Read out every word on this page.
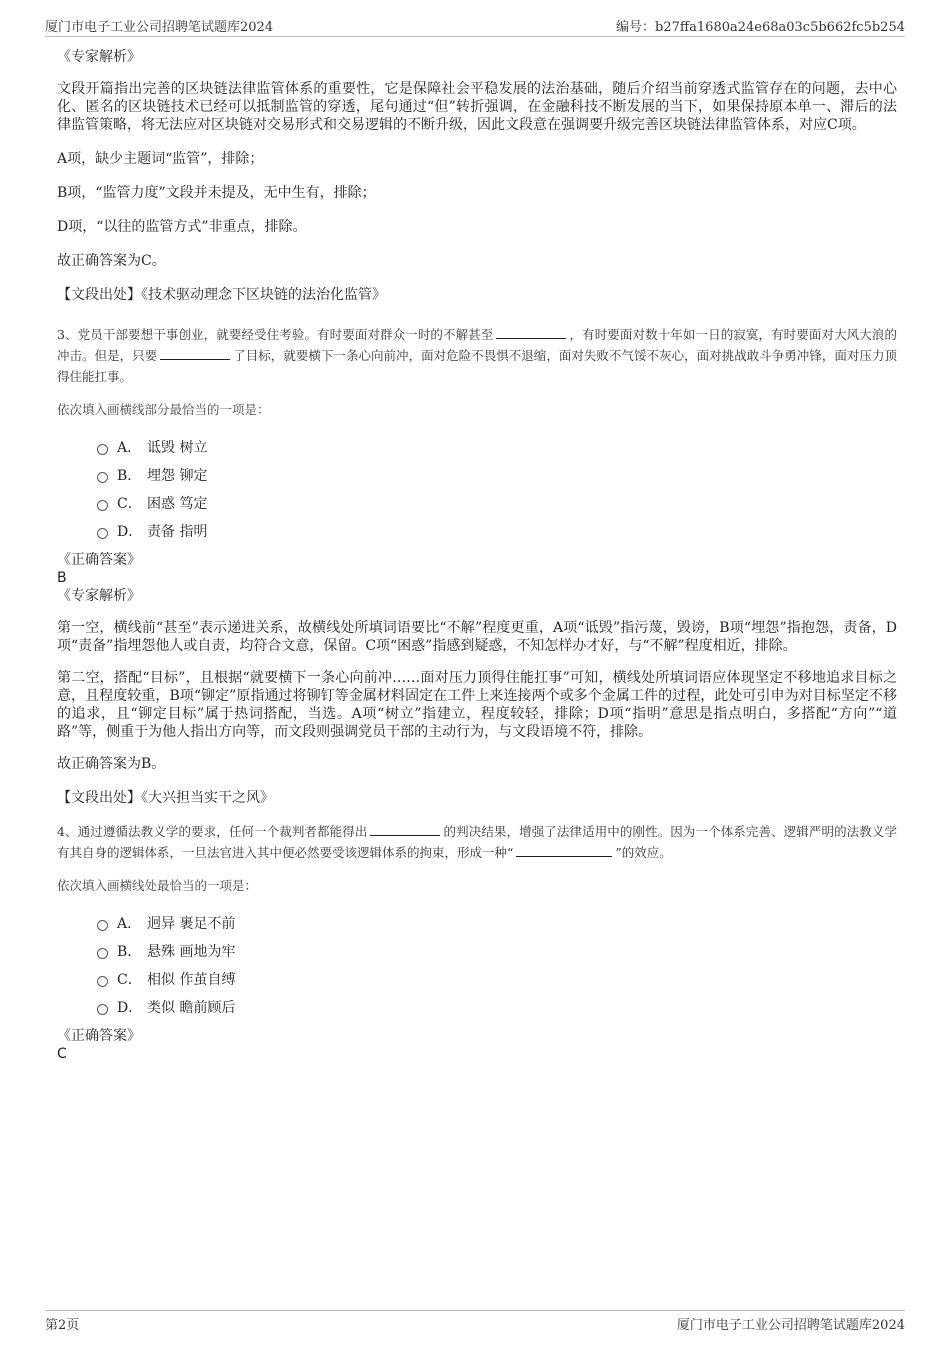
厦门市电子工业公司招聘笔试题库2024	编号：b27ffa1680a24e68a03c5b662fc5b254

《专家解析》

文段开篇指出完善的区块链法律监管体系的重要性，它是保障社会平稳发展的法治基础，随后介绍当前穿透式监管存在的问题，去中心化、匿名的区块链技术已经可以抵制监管的穿透，尾句通过“但”转折强调，在金融科技不断发展的当下，如果保持原本单一、滞后的法律监管策略，将无法应对区块链对交易形式和交易逻辑的不断升级，因此文段意在强调要升级完善区块链法律监管体系，对应C项。

A项，缺少主题词“监管”，排除；

B项，“监管力度”文段并未提及，无中生有，排除；

D项，“以往的监管方式”非重点，排除。

故正确答案为C。

【文段出处】《技术驱动理念下区块链的法治化监管》

3、党员干部要想干事创业，就要经受住考验。有时要面对群众一时的不解甚至	，有时要面对数十年如一日的寂寞，有时要面对大风大浪的冲击。但是，只要	了目标，就要横下一条心向前冲，面对危险不畏惧不退缩，面对失败不气馁不灰心，面对挑战敢斗争勇冲锋，面对压力顶得住能扛事。

依次填入画横线部分最恰当的一项是：

A． 诋毁 树立
B． 埋怨 铆定
C． 困惑 笃定
D． 责备 指明

《正确答案》

B

《专家解析》

第一空，横线前“甚至”表示递进关系，故横线处所填词语要比“不解”程度更重，A项“诋毁”指污蔑，毁谤，B项“埋怨”指抱怨，责备，D项“责备”指埋怨他人或自责，均符合文意，保留。C项“困惑”指感到疑惑，不知怎样办才好，与“不解”程度相近，排除。

第二空，搭配“目标”，且根据“就要横下一条心向前冲……面对压力顶得住能扛事”可知，横线处所填词语应体现坚定不移地追求目标之意，且程度较重，B项“铆定”原指通过将铆钉等金属材料固定在工件上来连接两个或多个金属工件的过程，此处可引申为对目标坚定不移的追求，且“铆定目标”属于热词搭配，当选。A项“树立”指建立，程度较轻，排除；D项“指明”意思是指点明白，多搭配“方向”“道路”等，侧重于为他人指出方向等，而文段则强调党员干部的主动行为，与文段语境不符，排除。

故正确答案为B。

【文段出处】《大兴担当实干之风》

4、通过遵循法教义学的要求，任何一个裁判者都能得出	的判决结果，增强了法律适用中的刚性。因为一个体系完善、逻辑严明的法教义学有其自身的逻辑体系，一旦法官进入其中便必然要受该逻辑体系的拘束，形成一种“	”的效应。

依次填入画横线处最恰当的一项是：

A． 迥异 裹足不前
B． 悬殊 画地为牢
C． 相似 作茧自缚
D． 类似 瞻前顾后

《正确答案》

C

第2页	厦门市电子工业公司招聘笔试题库2024
